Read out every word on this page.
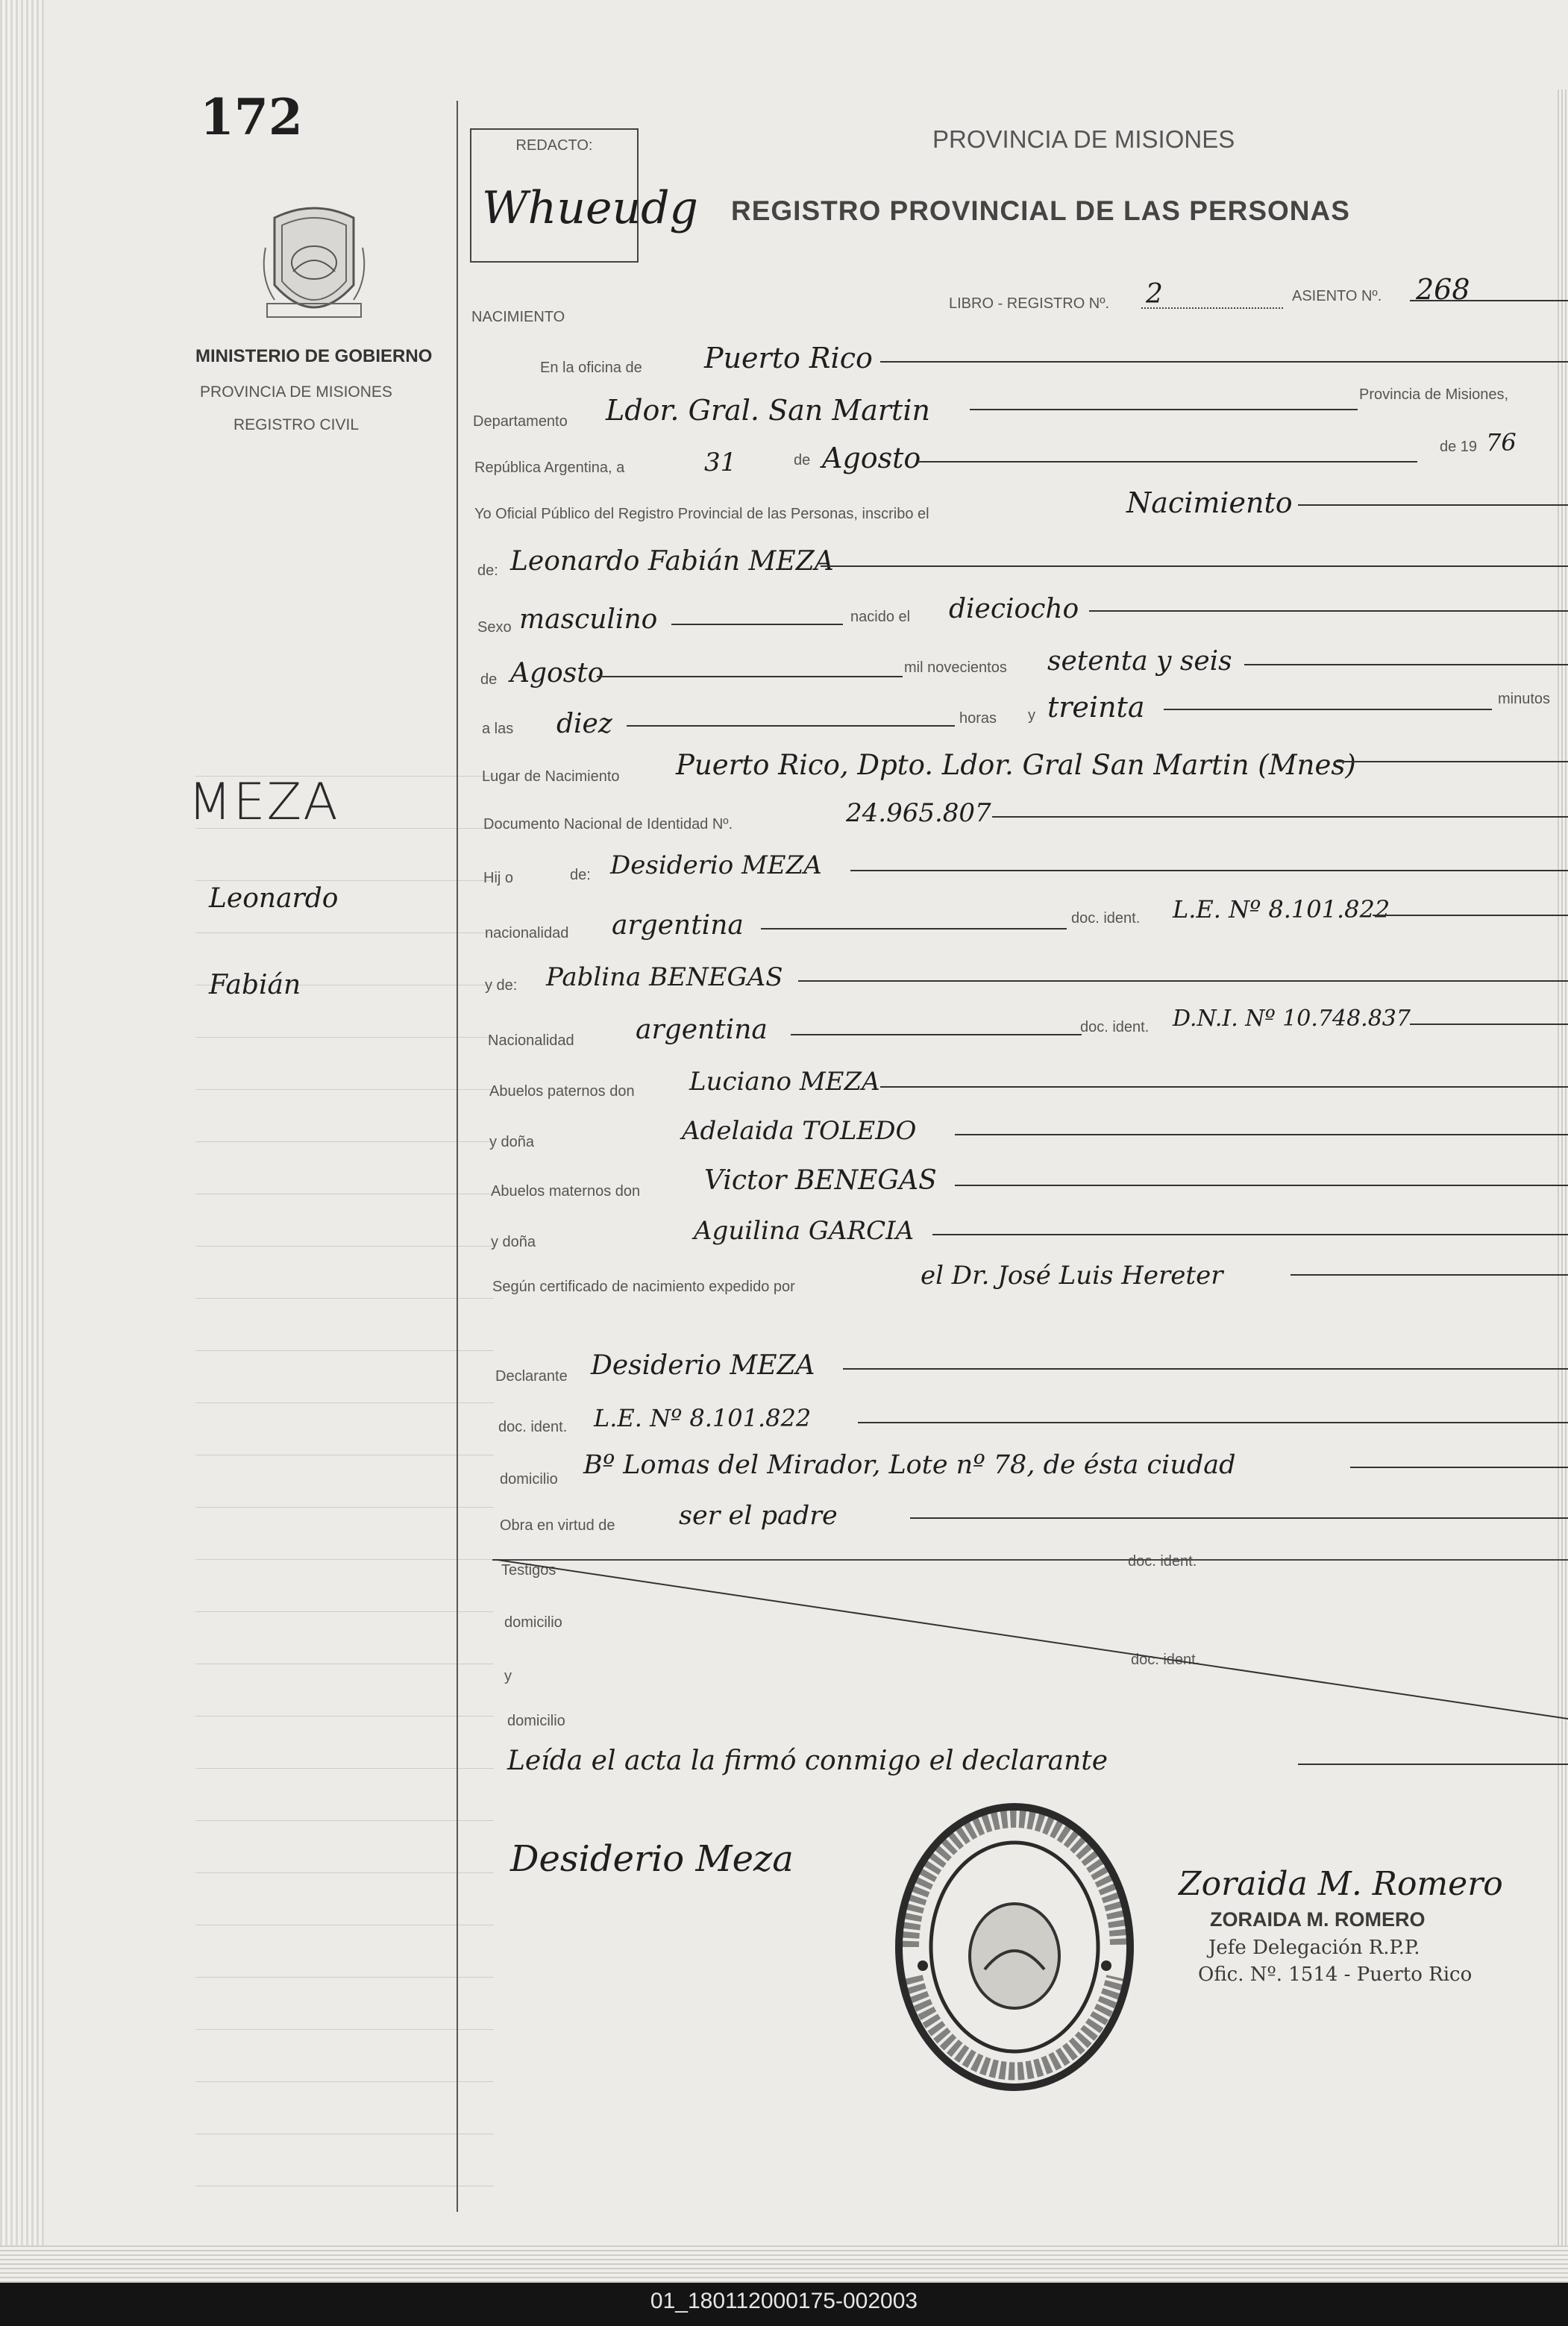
172
MINISTERIO DE GOBIERNO
PROVINCIA DE MISIONES
REGISTRO CIVIL
MEZA
Leonardo
Fabián
REDACTO:
Whueudg
PROVINCIA DE MISIONES
REGISTRO PROVINCIAL DE LAS PERSONAS
NACIMIENTO
LIBRO - REGISTRO Nº. 2	ASIENTO Nº. 268
En la oficina de Puerto Rico
Departamento Ldor. Gral. San Martin	Provincia de Misiones,
República Argentina, a	31	de Agosto	de 19 76
Yo Oficial Público del Registro Provincial de las Personas, inscribo el	Nacimiento
de: Leonardo Fabián MEZA
Sexo masculino	nacido el dieciocho
de Agosto	mil novecientos setenta y seis
a las diez	horas y treinta	minutos
Lugar de Nacimiento Puerto Rico, Dpto. Ldor. Gral San Martin (Mnes)
Documento Nacional de Identidad Nº.	24.965.807
Hij o	de: Desiderio MEZA
nacionalidad argentina	doc. ident. L.E. Nº 8.101.822
y de: Pablina BENEGAS
Nacionalidad argentina	doc. ident. D.N.I. Nº 10.748.837
Abuelos paternos don Luciano MEZA
y doña	Adelaida TOLEDO
Abuelos maternos don Victor BENEGAS
y doña	Aguilina GARCIA
Según certificado de nacimiento expedido por	el Dr. José Luis Hereter
Declarante Desiderio MEZA
doc. ident. L.E. Nº 8.101.822
domicilio Bº Lomas del Mirador, Lote nº 78, de ésta ciudad
Obra en virtud de ser el padre
Testigos
doc. ident.
domicilio
y
doc. ident.
domicilio
Leída el acta la firmó conmigo el declarante
Desiderio Meza
Zoraida M. Romero
ZORAIDA M. ROMERO
Jefe Delegación R.P.P.
Ofic. Nº. 1514 - Puerto Rico
01_180112000175-002003
